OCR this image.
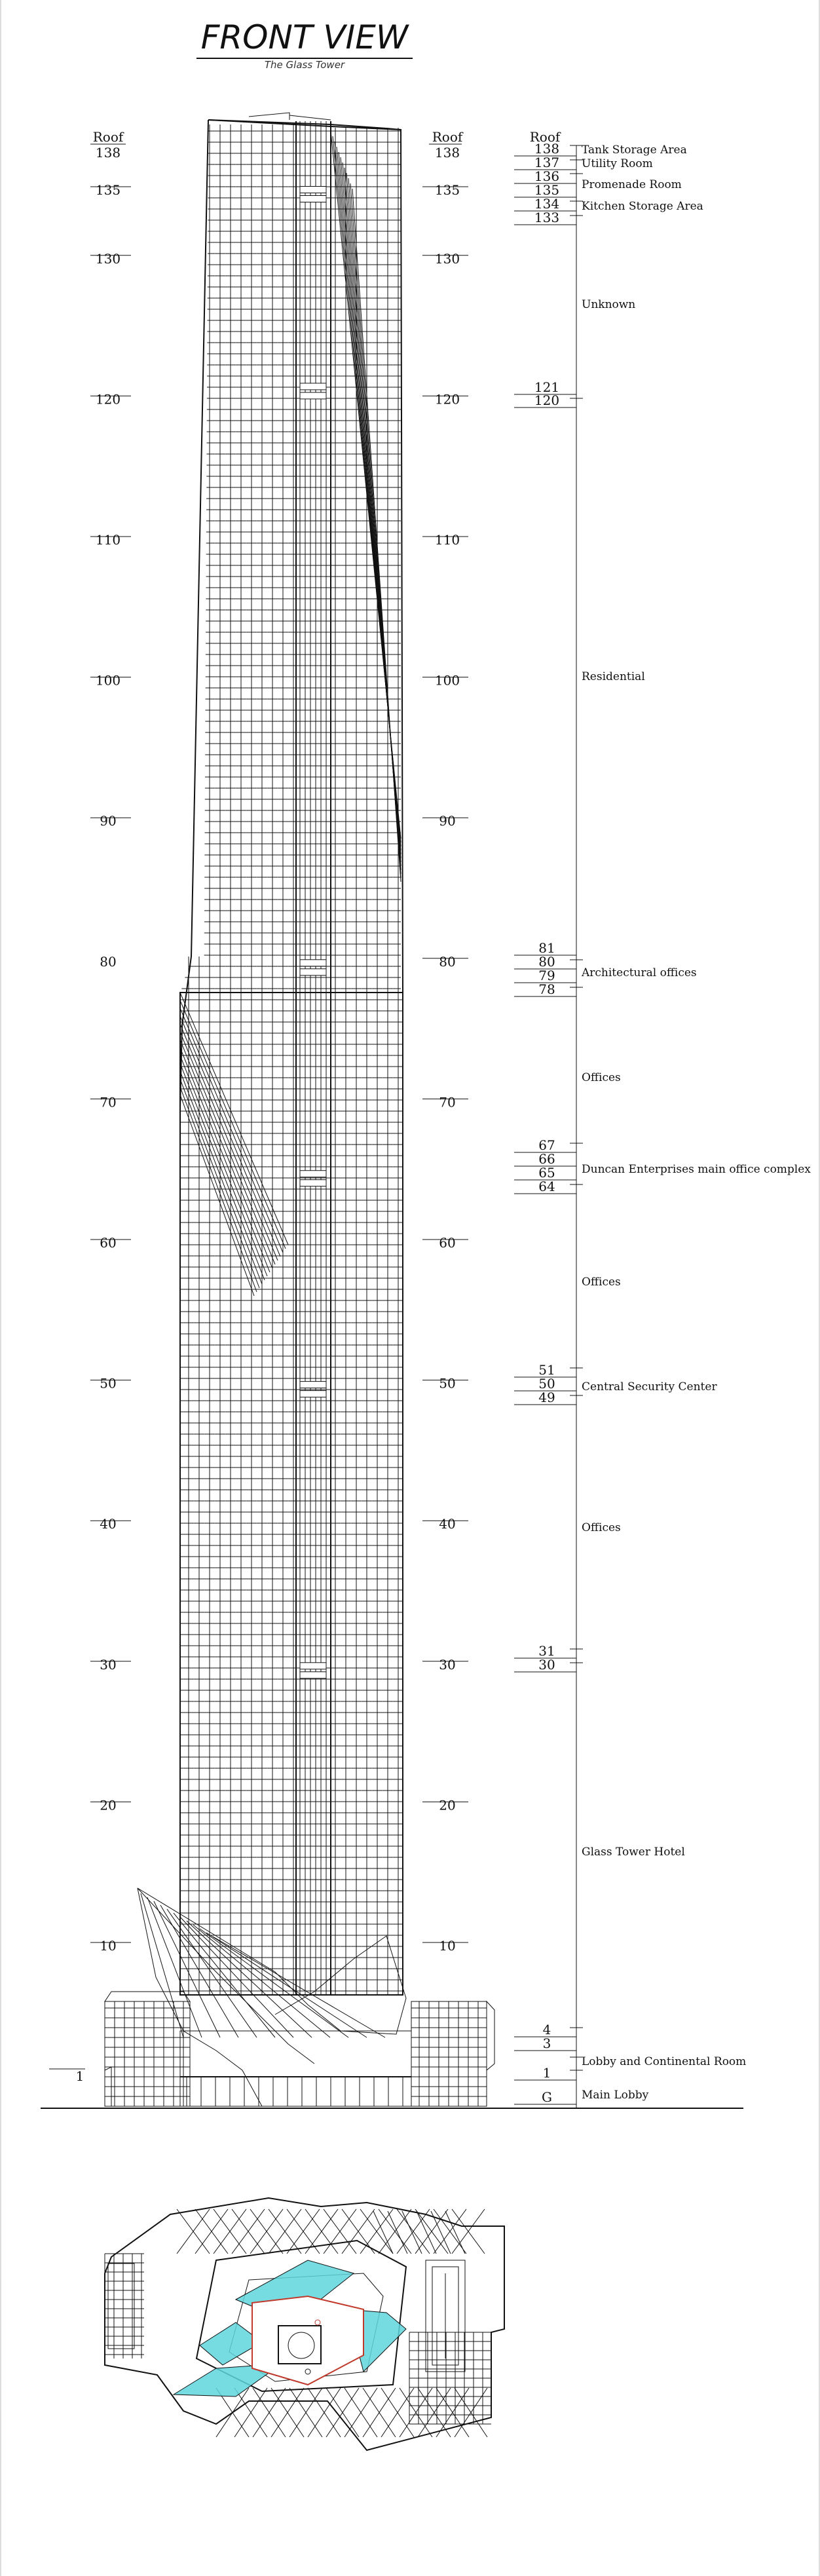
FRONT VIEW
The Glass Tower
Roof
138
135
130
120
110
100
90
80
70
60
50
40
30
20
10
1
Roof
138
135
130
120
110
100
90
80
70
60
50
40
30
20
10
Roof
138
137
136
135
134
133
121
120
81
80
79
78
67
66
65
64
51
50
49
31
30
4
3
1
G
Tank Storage Area
Utility Room
Promenade Room
Kitchen Storage Area
Unknown
Residential
Architectural offices
Offices
Duncan Enterprises main office complex
Offices
Central Security Center
Offices
Glass Tower Hotel
Lobby and Continental Room
Main Lobby
